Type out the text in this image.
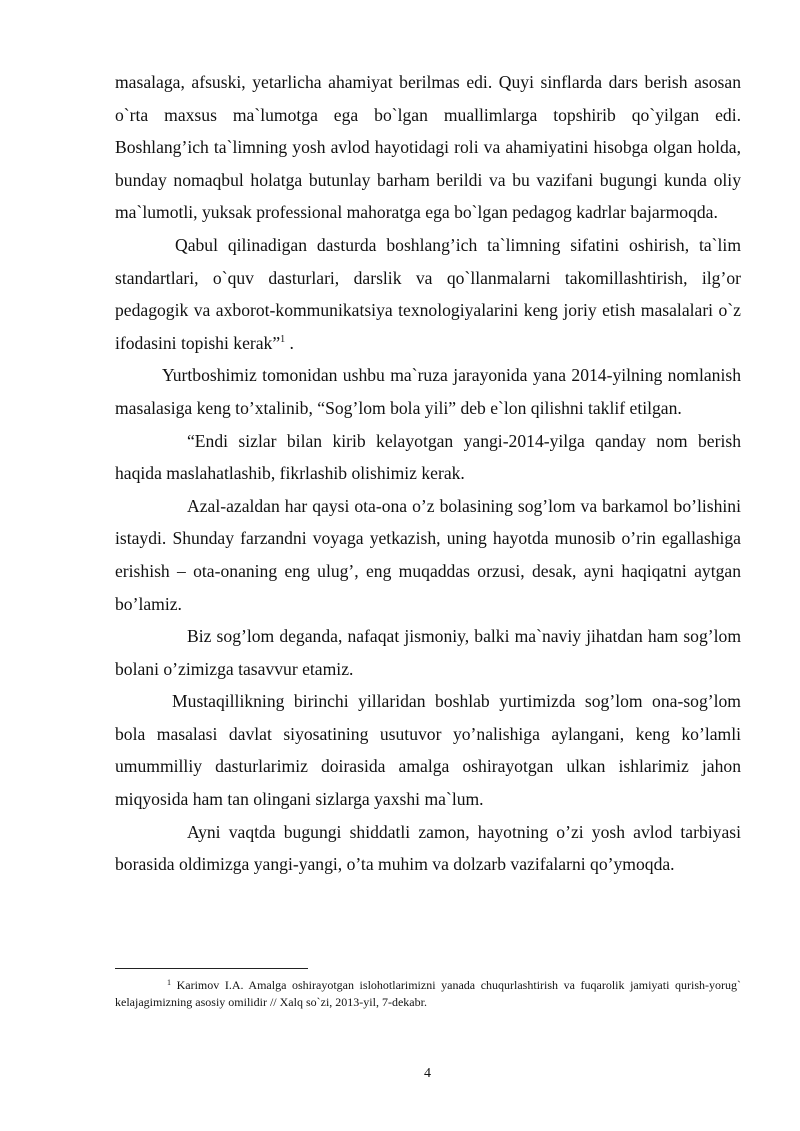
masalaga, afsuski, yetarlicha ahamiyat berilmas edi. Quyi sinflarda dars berish asosan o`rta maxsus ma`lumotga ega bo`lgan muallimlarga topshirib qo`yilgan edi. Boshlang’ich ta`limning yosh avlod hayotidagi roli va ahamiyatini hisobga olgan holda, bunday nomaqbul holatga butunlay barham berildi va bu vazifani bugungi kunda oliy ma`lumotli, yuksak professional mahoratga ega bo`lgan pedagog kadrlar bajarmoqda.

Qabul qilinadigan dasturda boshlang’ich ta`limning sifatini oshirish, ta`lim standartlari, o`quv dasturlari, darslik va qo`llanmalarni takomillashtirish, ilg’or pedagogik va axborot-kommunikatsiya texnologiyalarini keng joriy etish masalalari o`z ifodasini topishi kerak”$^1$ .

Yurtboshimiz tomonidan ushbu ma`ruza jarayonida yana 2014-yilning nomlanish masalasiga keng to’xtalinib, “Sog’lom bola yili” deb e`lon qilishni taklif etilgan.

“Endi sizlar bilan kirib kelayotgan yangi-2014-yilga qanday nom berish haqida maslahatlashib, fikrlashib olishimiz kerak.

Azal-azaldan har qaysi ota-ona o’z bolasining sog’lom va barkamol bo’lishini istaydi. Shunday farzandni voyaga yetkazish, uning hayotda munosib o’rin egallashiga erishish – ota-onaning eng ulug’, eng muqaddas orzusi, desak, ayni haqiqatni aytgan bo’lamiz.

Biz sog’lom deganda, nafaqat jismoniy, balki ma`naviy jihatdan ham sog’lom bolani o’zimizga tasavvur etamiz.

Mustaqillikning birinchi yillaridan boshlab yurtimizda sog’lom ona-sog’lom bola masalasi davlat siyosatining usutuvor yo’nalishiga aylangani, keng ko’lamli umummilliy dasturlarimiz doirasida amalga oshirayotgan ulkan ishlarimiz jahon miqyosida ham tan olingani sizlarga yaxshi ma`lum.

Ayni vaqtda bugungi shiddatli zamon, hayotning o’zi yosh avlod tarbiyasi borasida oldimizga yangi-yangi, o’ta muhim va dolzarb vazifalarni qo’ymoqda.

$^1$ Karimov I.A. Amalga oshirayotgan islohotlarimizni yanada chuqurlashtirish va fuqarolik jamiyati qurish-yorug` kelajagimizning asosiy omilidir // Xalq so`zi, 2013-yil, 7-dekabr.

4
